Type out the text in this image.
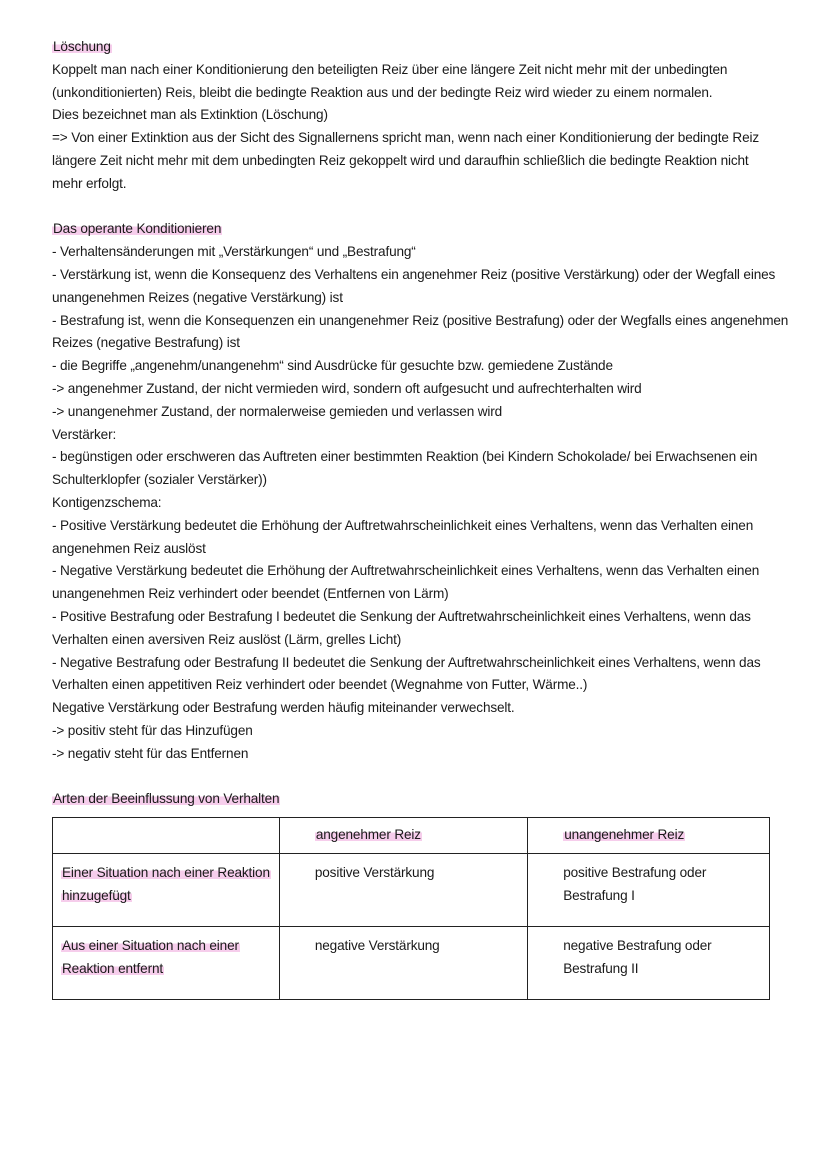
Löschung
Koppelt man nach einer Konditionierung den beteiligten Reiz über eine längere Zeit nicht mehr mit der unbedingten
(unkonditionierten) Reis, bleibt die bedingte Reaktion aus und der bedingte Reiz wird wieder zu einem normalen.
Dies bezeichnet man als Extinktion (Löschung)
=> Von einer Extinktion aus der Sicht des Signallernens spricht man, wenn nach einer Konditionierung der bedingte Reiz
längere Zeit nicht mehr mit dem unbedingten Reiz gekoppelt wird und daraufhin schließlich die bedingte Reaktion nicht
mehr erfolgt.
Das operante Konditionieren
- Verhaltensänderungen mit „Verstärkungen“ und „Bestrafung“
- Verstärkung ist, wenn die Konsequenz des Verhaltens ein angenehmer Reiz (positive Verstärkung) oder der Wegfall eines
unangenehmen Reizes (negative Verstärkung) ist
- Bestrafung ist, wenn die Konsequenzen ein unangenehmer Reiz (positive Bestrafung) oder der Wegfalls eines angenehmen
Reizes (negative Bestrafung) ist
- die Begriffe „angenehm/unangenehm“ sind Ausdrücke für gesuchte bzw. gemiedene Zustände
-> angenehmer Zustand, der nicht vermieden wird, sondern oft aufgesucht und aufrechterhalten wird
-> unangenehmer Zustand, der normalerweise gemieden und verlassen wird
Verstärker:
- begünstigen oder erschweren das Auftreten einer bestimmten Reaktion (bei Kindern Schokolade/ bei Erwachsenen ein
Schulterklopfer (sozialer Verstärker))
Kontigenzschema:
- Positive Verstärkung bedeutet die Erhöhung der Auftretwahrscheinlichkeit eines Verhaltens, wenn das Verhalten einen
angenehmen Reiz auslöst
- Negative Verstärkung bedeutet die Erhöhung der Auftretwahrscheinlichkeit eines Verhaltens, wenn das Verhalten einen
unangenehmen Reiz verhindert oder beendet (Entfernen von Lärm)
- Positive Bestrafung oder Bestrafung I bedeutet die Senkung der Auftretwahrscheinlichkeit eines Verhaltens, wenn das
Verhalten einen aversiven Reiz auslöst (Lärm, grelles Licht)
- Negative Bestrafung oder Bestrafung II bedeutet die Senkung der Auftretwahrscheinlichkeit eines Verhaltens, wenn das
Verhalten einen appetitiven Reiz verhindert oder beendet (Wegnahme von Futter, Wärme..)
Negative Verstärkung oder Bestrafung werden häufig miteinander verwechselt.
-> positiv steht für das Hinzufügen
-> negativ steht für das Entfernen
Arten der Beeinflussung von Verhalten
	angenehmer Reiz	unangenehmer Reiz

Einer Situation nach einer Reaktion
hinzugefügt	positive Verstärkung	positive Bestrafung oder
Bestrafung I

Aus einer Situation nach einer
Reaktion entfernt	negative Verstärkung	negative Bestrafung oder
Bestrafung II
